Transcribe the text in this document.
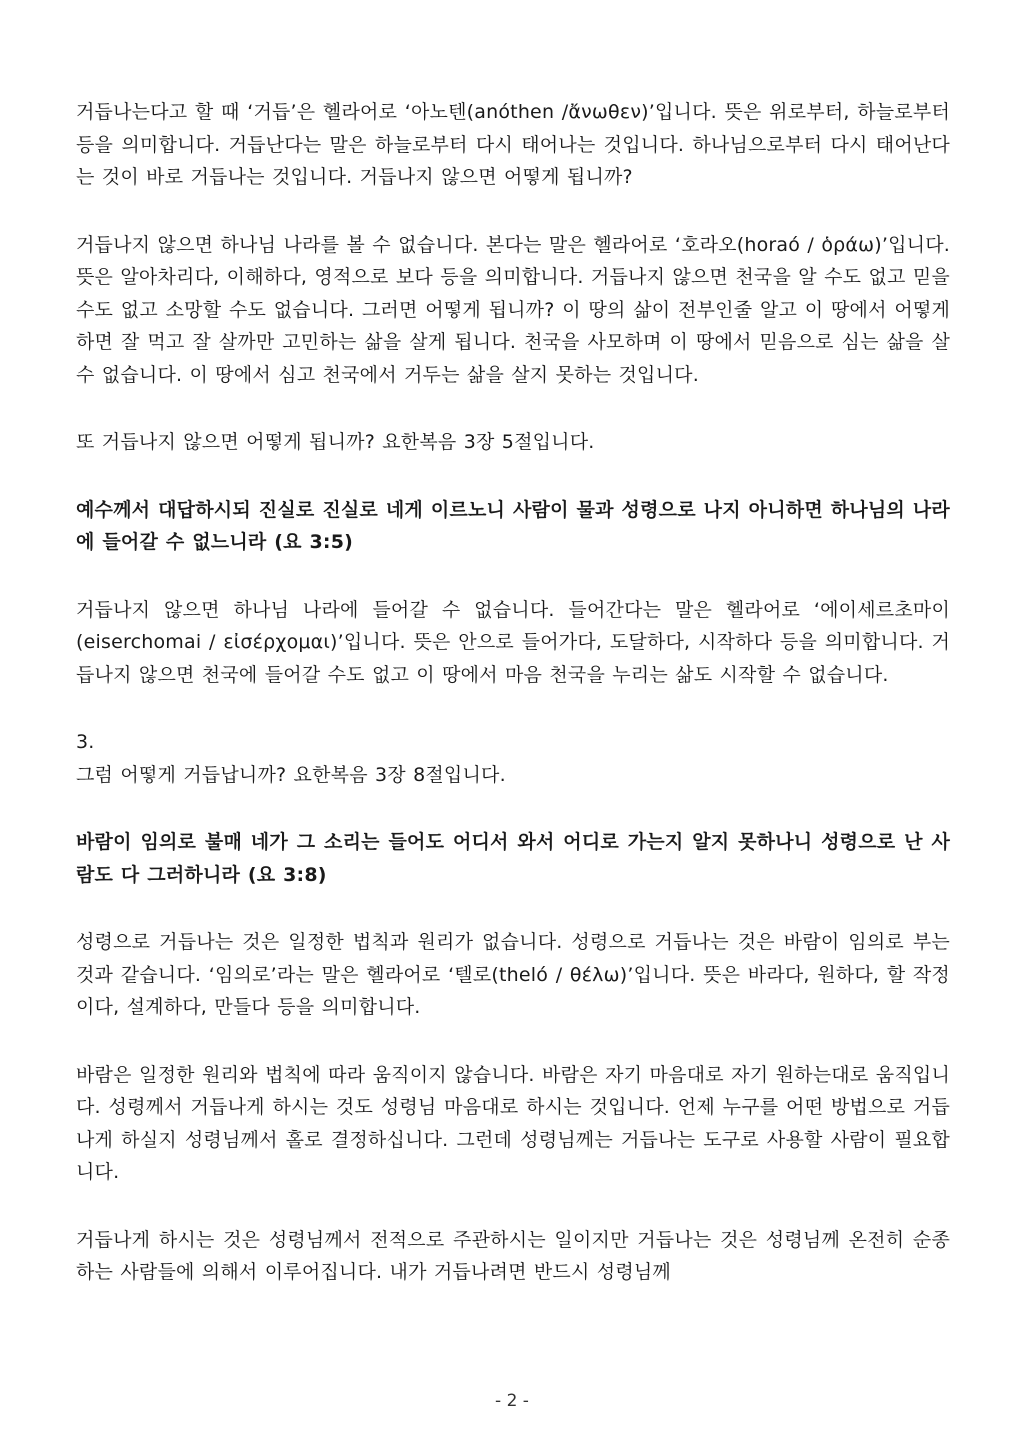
거듭나는다고 할 때 ‘거듭’은 헬라어로 ‘아노텐(anóthen /ἄνωθεν)’입니다. 뜻은 위로부터, 하늘로부터 등을 의미합니다. 거듭난다는 말은 하늘로부터 다시 태어나는 것입니다. 하나님으로부터 다시 태어난다는 것이 바로 거듭나는 것입니다. 거듭나지 않으면 어떻게 됩니까?

거듭나지 않으면 하나님 나라를 볼 수 없습니다. 본다는 말은 헬라어로 ‘호라오(horaó / ὁράω)’입니다. 뜻은 알아차리다, 이해하다, 영적으로 보다 등을 의미합니다. 거듭나지 않으면 천국을 알 수도 없고 믿을 수도 없고 소망할 수도 없습니다. 그러면 어떻게 됩니까? 이 땅의 삶이 전부인줄 알고 이 땅에서 어떻게 하면 잘 먹고 잘 살까만 고민하는 삶을 살게 됩니다. 천국을 사모하며 이 땅에서 믿음으로 심는 삶을 살 수 없습니다. 이 땅에서 심고 천국에서 거두는 삶을 살지 못하는 것입니다.

또 거듭나지 않으면 어떻게 됩니까? 요한복음 3장 5절입니다.

예수께서 대답하시되 진실로 진실로 네게 이르노니 사람이 물과 성령으로 나지 아니하면 하나님의 나라에 들어갈 수 없느니라 (요 3:5)

거듭나지 않으면 하나님 나라에 들어갈 수 없습니다. 들어간다는 말은 헬라어로 ‘에이세르초마이(eiserchomai / εἰσέρχομαι)’입니다. 뜻은 안으로 들어가다, 도달하다, 시작하다 등을 의미합니다. 거듭나지 않으면 천국에 들어갈 수도 없고 이 땅에서 마음 천국을 누리는 삶도 시작할 수 없습니다.

3.

그럼 어떻게 거듭납니까? 요한복음 3장 8절입니다.

바람이 임의로 불매 네가 그 소리는 들어도 어디서 와서 어디로 가는지 알지 못하나니 성령으로 난 사람도 다 그러하니라 (요 3:8)

성령으로 거듭나는 것은 일정한 법칙과 원리가 없습니다. 성령으로 거듭나는 것은 바람이 임의로 부는 것과 같습니다. ‘임의로’라는 말은 헬라어로 ‘텔로(theló / θέλω)’입니다. 뜻은 바라다, 원하다, 할 작정이다, 설계하다, 만들다 등을 의미합니다.

바람은 일정한 원리와 법칙에 따라 움직이지 않습니다. 바람은 자기 마음대로 자기 원하는대로 움직입니다. 성령께서 거듭나게 하시는 것도 성령님 마음대로 하시는 것입니다. 언제 누구를 어떤 방법으로 거듭나게 하실지 성령님께서 홀로 결정하십니다. 그런데 성령님께는 거듭나는 도구로 사용할 사람이 필요합니다.

거듭나게 하시는 것은 성령님께서 전적으로 주관하시는 일이지만 거듭나는 것은 성령님께 온전히 순종하는 사람들에 의해서 이루어집니다. 내가 거듭나려면 반드시 성령님께

- 2 -
